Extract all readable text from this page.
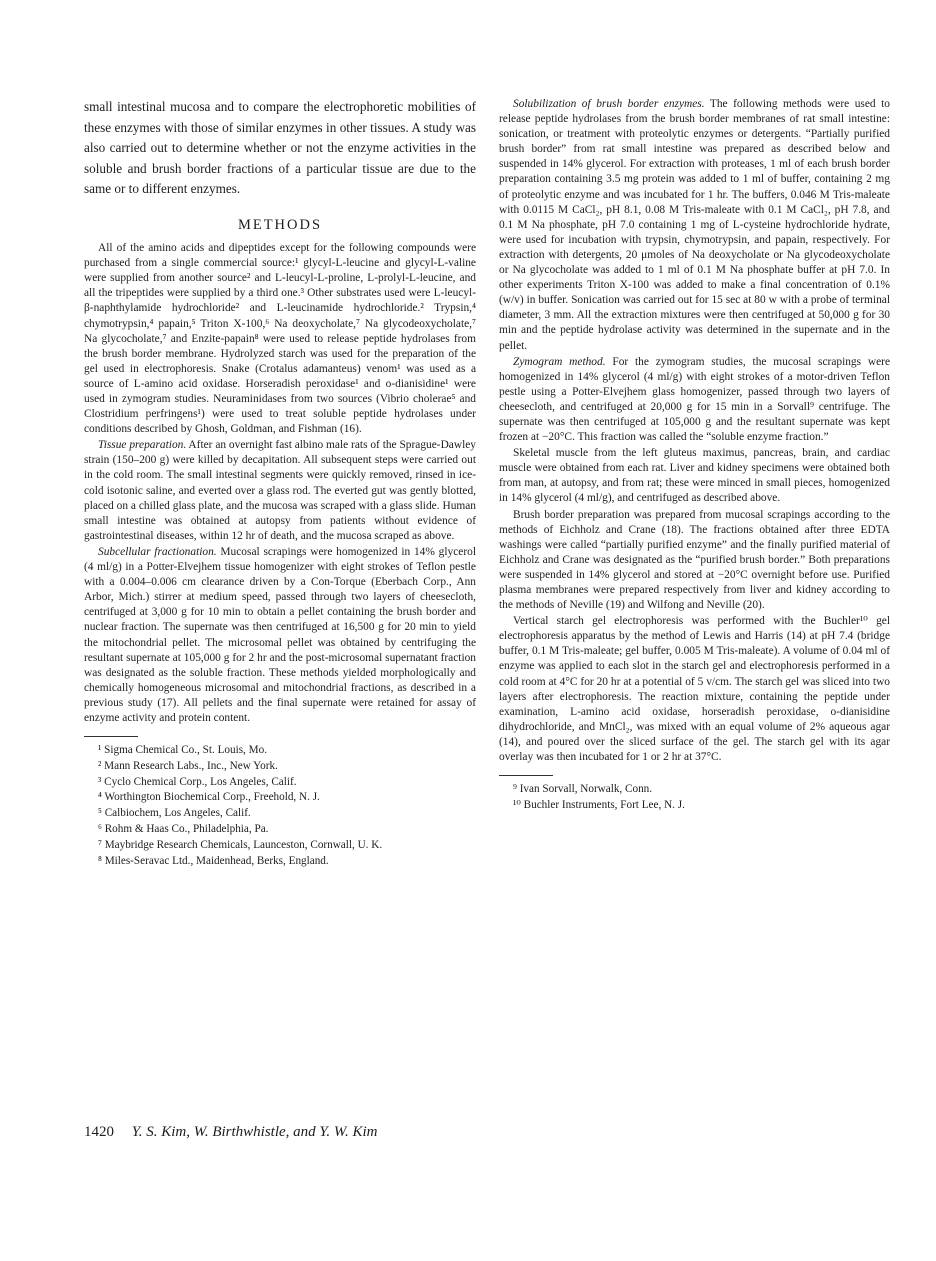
small intestinal mucosa and to compare the electrophoretic mobilities of these enzymes with those of similar enzymes in other tissues. A study was also carried out to determine whether or not the enzyme activities in the soluble and brush border fractions of a particular tissue are due to the same or to different enzymes.

METHODS

All of the amino acids and dipeptides except for the following compounds were purchased from a single commercial source:¹ glycyl-L-leucine and glycyl-L-valine were supplied from another source² and L-leucyl-L-proline, L-prolyl-L-leucine, and all the tripeptides were supplied by a third one.³ Other substrates used were L-leucyl-β-naphthylamide hydrochloride² and L-leucinamide hydrochloride.² Trypsin,⁴ chymotrypsin,⁴ papain,⁵ Triton X-100,⁶ Na deoxycholate,⁷ Na glycodeoxycholate,⁷ Na glycocholate,⁷ and Enzite-papain⁸ were used to release peptide hydrolases from the brush border membrane. Hydrolyzed starch was used for the preparation of the gel used in electrophoresis. Snake (Crotalus adamanteus) venom¹ was used as a source of L-amino acid oxidase. Horseradish peroxidase¹ and o-dianisidine¹ were used in zymogram studies. Neuraminidases from two sources (Vibrio cholerae⁵ and Clostridium perfringens¹) were used to treat soluble peptide hydrolases under conditions described by Ghosh, Goldman, and Fishman (16).

Tissue preparation. After an overnight fast albino male rats of the Sprague-Dawley strain (150–200 g) were killed by decapitation. All subsequent steps were carried out in the cold room. The small intestinal segments were quickly removed, rinsed in ice-cold isotonic saline, and everted over a glass rod. The everted gut was gently blotted, placed on a chilled glass plate, and the mucosa was scraped with a glass slide. Human small intestine was obtained at autopsy from patients without evidence of gastrointestinal diseases, within 12 hr of death, and the mucosa scraped as above.

Subcellular fractionation. Mucosal scrapings were homogenized in 14% glycerol (4 ml/g) in a Potter-Elvejhem tissue homogenizer with eight strokes of Teflon pestle with a 0.004–0.006 cm clearance driven by a Con-Torque (Eberbach Corp., Ann Arbor, Mich.) stirrer at medium speed, passed through two layers of cheesecloth, centrifuged at 3,000 g for 10 min to obtain a pellet containing the brush border and nuclear fraction. The supernate was then centrifuged at 16,500 g for 20 min to yield the mitochondrial pellet. The microsomal pellet was obtained by centrifuging the resultant supernate at 105,000 g for 2 hr and the post-microsomal supernatant fraction was designated as the soluble fraction. These methods yielded morphologically and chemically homogeneous microsomal and mitochondrial fractions, as described in a previous study (17). All pellets and the final supernate were retained for assay of enzyme activity and protein content.

¹ Sigma Chemical Co., St. Louis, Mo.

² Mann Research Labs., Inc., New York.

³ Cyclo Chemical Corp., Los Angeles, Calif.

⁴ Worthington Biochemical Corp., Freehold, N. J.

⁵ Calbiochem, Los Angeles, Calif.

⁶ Rohm & Haas Co., Philadelphia, Pa.

⁷ Maybridge Research Chemicals, Launceston, Cornwall, U. K.

⁸ Miles-Seravac Ltd., Maidenhead, Berks, England.

Solubilization of brush border enzymes. The following methods were used to release peptide hydrolases from the brush border membranes of rat small intestine: sonication, or treatment with proteolytic enzymes or detergents. “Partially purified brush border” from rat small intestine was prepared as described below and suspended in 14% glycerol. For extraction with proteases, 1 ml of each brush border preparation containing 3.5 mg protein was added to 1 ml of buffer, containing 2 mg of proteolytic enzyme and was incubated for 1 hr. The buffers, 0.046 M Tris-maleate with 0.0115 M CaCl₂, pH 8.1, 0.08 M Tris-maleate with 0.1 M CaCl₂, pH 7.8, and 0.1 M Na phosphate, pH 7.0 containing 1 mg of L-cysteine hydrochloride hydrate, were used for incubation with trypsin, chymotrypsin, and papain, respectively. For extraction with detergents, 20 μmoles of Na deoxycholate or Na glycodeoxycholate or Na glycocholate was added to 1 ml of 0.1 M Na phosphate buffer at pH 7.0. In other experiments Triton X-100 was added to make a final concentration of 0.1% (w/v) in buffer. Sonication was carried out for 15 sec at 80 w with a probe of terminal diameter, 3 mm. All the extraction mixtures were then centrifuged at 50,000 g for 30 min and the peptide hydrolase activity was determined in the supernate and in the pellet.

Zymogram method. For the zymogram studies, the mucosal scrapings were homogenized in 14% glycerol (4 ml/g) with eight strokes of a motor-driven Teflon pestle using a Potter-Elvejhem glass homogenizer, passed through two layers of cheesecloth, and centrifuged at 20,000 g for 15 min in a Sorvall⁹ centrifuge. The supernate was then centrifuged at 105,000 g and the resultant supernate was kept frozen at −20°C. This fraction was called the “soluble enzyme fraction.”

Skeletal muscle from the left gluteus maximus, pancreas, brain, and cardiac muscle were obtained from each rat. Liver and kidney specimens were obtained both from man, at autopsy, and from rat; these were minced in small pieces, homogenized in 14% glycerol (4 ml/g), and centrifuged as described above.

Brush border preparation was prepared from mucosal scrapings according to the methods of Eichholz and Crane (18). The fractions obtained after three EDTA washings were called “partially purified enzyme” and the finally purified material of Eichholz and Crane was designated as the “purified brush border.” Both preparations were suspended in 14% glycerol and stored at −20°C overnight before use. Purified plasma membranes were prepared respectively from liver and kidney according to the methods of Neville (19) and Wilfong and Neville (20).

Vertical starch gel electrophoresis was performed with the Buchler¹⁰ gel electrophoresis apparatus by the method of Lewis and Harris (14) at pH 7.4 (bridge buffer, 0.1 M Tris-maleate; gel buffer, 0.005 M Tris-maleate). A volume of 0.04 ml of enzyme was applied to each slot in the starch gel and electrophoresis performed in a cold room at 4°C for 20 hr at a potential of 5 v/cm. The starch gel was sliced into two layers after electrophoresis. The reaction mixture, containing the peptide under examination, L-amino acid oxidase, horseradish peroxidase, o-dianisidine dihydrochloride, and MnCl₂, was mixed with an equal volume of 2% aqueous agar (14), and poured over the sliced surface of the gel. The starch gel with its agar overlay was then incubated for 1 or 2 hr at 37°C.

⁹ Ivan Sorvall, Norwalk, Conn.

¹⁰ Buchler Instruments, Fort Lee, N. J.

1420 Y. S. Kim, W. Birthwhistle, and Y. W. Kim
